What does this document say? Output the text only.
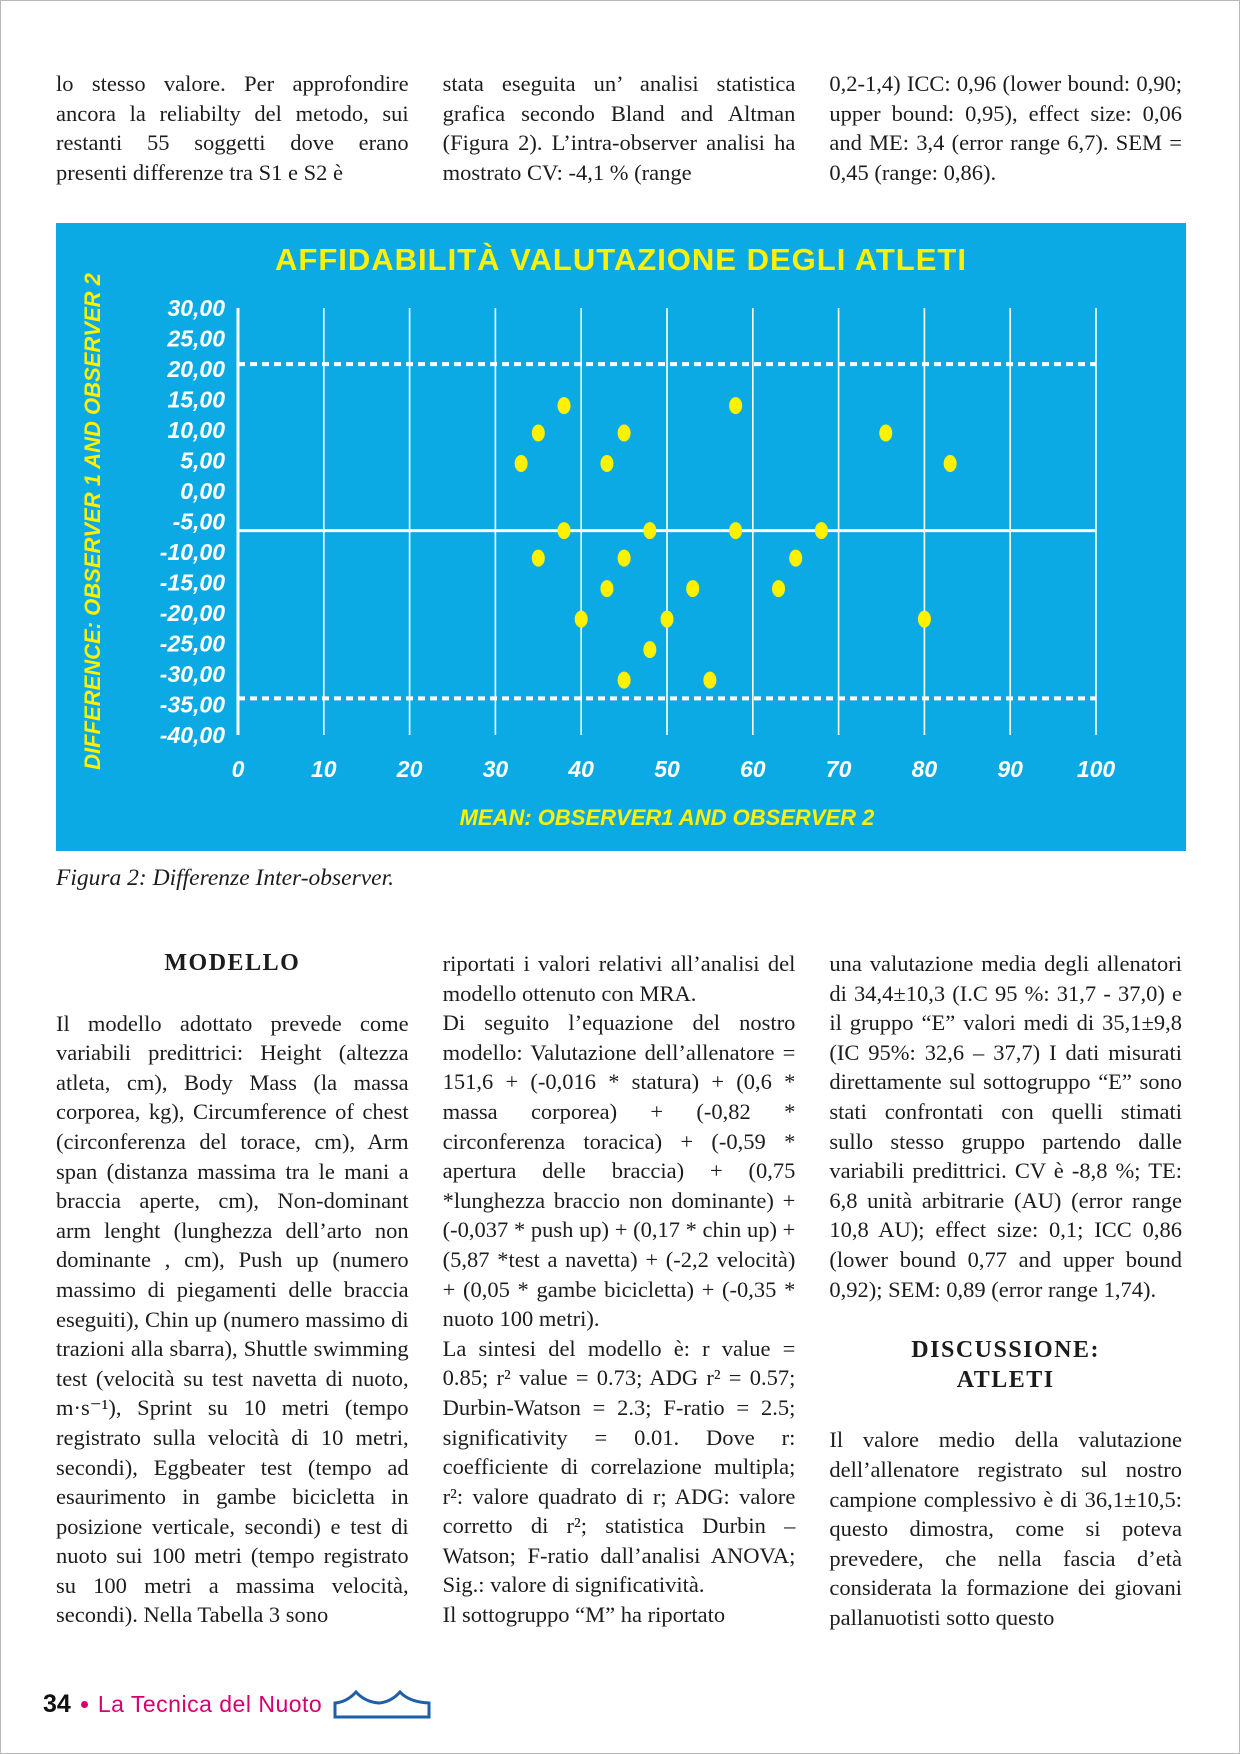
lo stesso valore. Per approfondire ancora la reliabilty del metodo, sui restanti 55 soggetti dove erano presenti differenze tra S1 e S2 è

stata eseguita un’ analisi statistica grafica secondo Bland and Altman (Figura 2). L’intra-observer analisi ha mostrato CV: -4,1 % (range

0,2-1,4) ICC: 0,96 (lower bound: 0,90; upper bound: 0,95), effect size: 0,06 and ME: 3,4 (error range 6,7). SEM = 0,45 (range: 0,86).

0	10	20	30	40	50	60	70	80	90 100
30,00
25,00
20,00
15,00
10,00
5,00
0,00
-5,00
-10,00
-15,00
-20,00
-25,00
-30,00
-35,00
-40,00
AFFIDABILITÀ VALUTAZIONE DEGLI ATLETI
MEAN: OBSERVER1 AND OBSERVER 2
DIFFERENCE: OBSERVER 1 AND OBSERVER 2
Figura 2: Differenze Inter-observer.

MODELLO

Il modello adottato prevede come variabili predittrici: Height (altezza atleta, cm), Body Mass (la massa corporea, kg), Circumference of chest (circonferenza del torace, cm), Arm span (distanza massima tra le mani a braccia aperte, cm), Non-dominant arm lenght (lunghezza dell’arto non dominante , cm), Push up (numero massimo di piegamenti delle braccia eseguiti), Chin up (numero massimo di trazioni alla sbarra), Shuttle swimming test (velocità su test navetta di nuoto, m·s⁻¹), Sprint su 10 metri (tempo registrato sulla velocità di 10 metri, secondi), Eggbeater test (tempo ad esaurimento in gambe bicicletta in posizione verticale, secondi) e test di nuoto sui 100 metri (tempo registrato su 100 metri a massima velocità, secondi). Nella Tabella 3 sono

riportati i valori relativi all’analisi del modello ottenuto con MRA.

Di seguito l’equazione del nostro modello: Valutazione dell’allenatore = 151,6 + (-0,016 * statura) + (0,6 * massa corporea) + (-0,82 * circonferenza toracica) + (-0,59 * apertura delle braccia) + (0,75 *lunghezza braccio non dominante) + (-0,037 * push up) + (0,17 * chin up) + (5,87 *test a navetta) + (-2,2 velocità) + (0,05 * gambe bicicletta) + (-0,35 * nuoto 100 metri).

La sintesi del modello è: r value = 0.85; r² value = 0.73; ADG r² = 0.57; Durbin-Watson = 2.3; F-ratio = 2.5; significativity = 0.01. Dove r: coefficiente di correlazione multipla; r²: valore quadrato di r; ADG: valore corretto di r²; statistica Durbin – Watson; F-ratio dall’analisi ANOVA; Sig.: valore di significatività.

Il sottogruppo “M” ha riportato

una valutazione media degli allenatori di 34,4±10,3 (I.C 95 %: 31,7 - 37,0) e il gruppo “E” valori medi di 35,1±9,8 (IC 95%: 32,6 – 37,7) I dati misurati direttamente sul sottogruppo “E” sono stati confrontati con quelli stimati sullo stesso gruppo partendo dalle variabili predittrici. CV è -8,8 %; TE: 6,8 unità arbitrarie (AU) (error range 10,8 AU); effect size: 0,1; ICC 0,86 (lower bound 0,77 and upper bound 0,92); SEM: 0,89 (error range 1,74).

DISCUSSIONE:

ATLETI

Il valore medio della valutazione dell’allenatore registrato sul nostro campione complessivo è di 36,1±10,5: questo dimostra, come si poteva prevedere, che nella fascia d’età considerata la formazione dei giovani pallanuotisti sotto questo

34 La Tecnica del Nuoto
